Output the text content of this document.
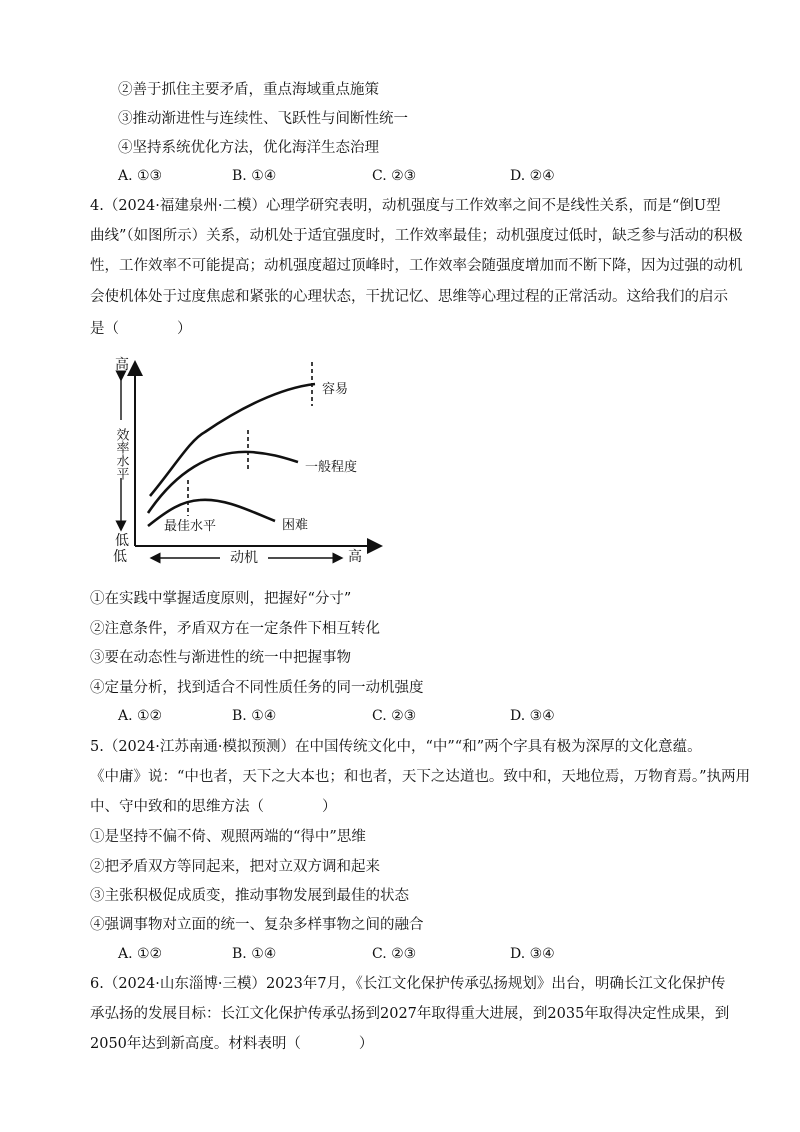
②善于抓住主要矛盾，重点海域重点施策
③推动渐进性与连续性、飞跃性与间断性统一
④坚持系统优化方法，优化海洋生态治理
A. ①③	B. ①④	C. ②③	D. ②④
4.（2024·福建泉州·二模）心理学研究表明，动机强度与工作效率之间不是线性关系，而是“倒U型
曲线”（如图所示）关系，动机处于适宜强度时，工作效率最佳；动机强度过低时，缺乏参与活动的积极
性，工作效率不可能提高；动机强度超过顶峰时，工作效率会随强度增加而不断下降，因为过强的动机
会使机体处于过度焦虑和紧张的心理状态，干扰记忆、思维等心理过程的正常活动。这给我们的启示
是（　　　　）
高
低
低	高
动机
效率水平
容易
一般程度
困难
最佳水平
①在实践中掌握适度原则，把握好“分寸”
②注意条件，矛盾双方在一定条件下相互转化
③要在动态性与渐进性的统一中把握事物
④定量分析，找到适合不同性质任务的同一动机强度
A. ①②	B. ①④	C. ②③	D. ③④
5.（2024·江苏南通·模拟预测）在中国传统文化中，“中”“和”两个字具有极为深厚的文化意蕴。
《中庸》说：“中也者，天下之大本也；和也者，天下之达道也。致中和，天地位焉，万物育焉。”执两用
中、守中致和的思维方法（　　　　）
①是坚持不偏不倚、观照两端的“得中”思维
②把矛盾双方等同起来，把对立双方调和起来
③主张积极促成质变，推动事物发展到最佳的状态
④强调事物对立面的统一、复杂多样事物之间的融合
A. ①②	B. ①④	C. ②③	D. ③④
6.（2024·山东淄博·三模）2023年7月，《长江文化保护传承弘扬规划》出台，明确长江文化保护传
承弘扬的发展目标：长江文化保护传承弘扬到2027年取得重大进展，到2035年取得决定性成果，到
2050年达到新高度。材料表明（　　　　）
